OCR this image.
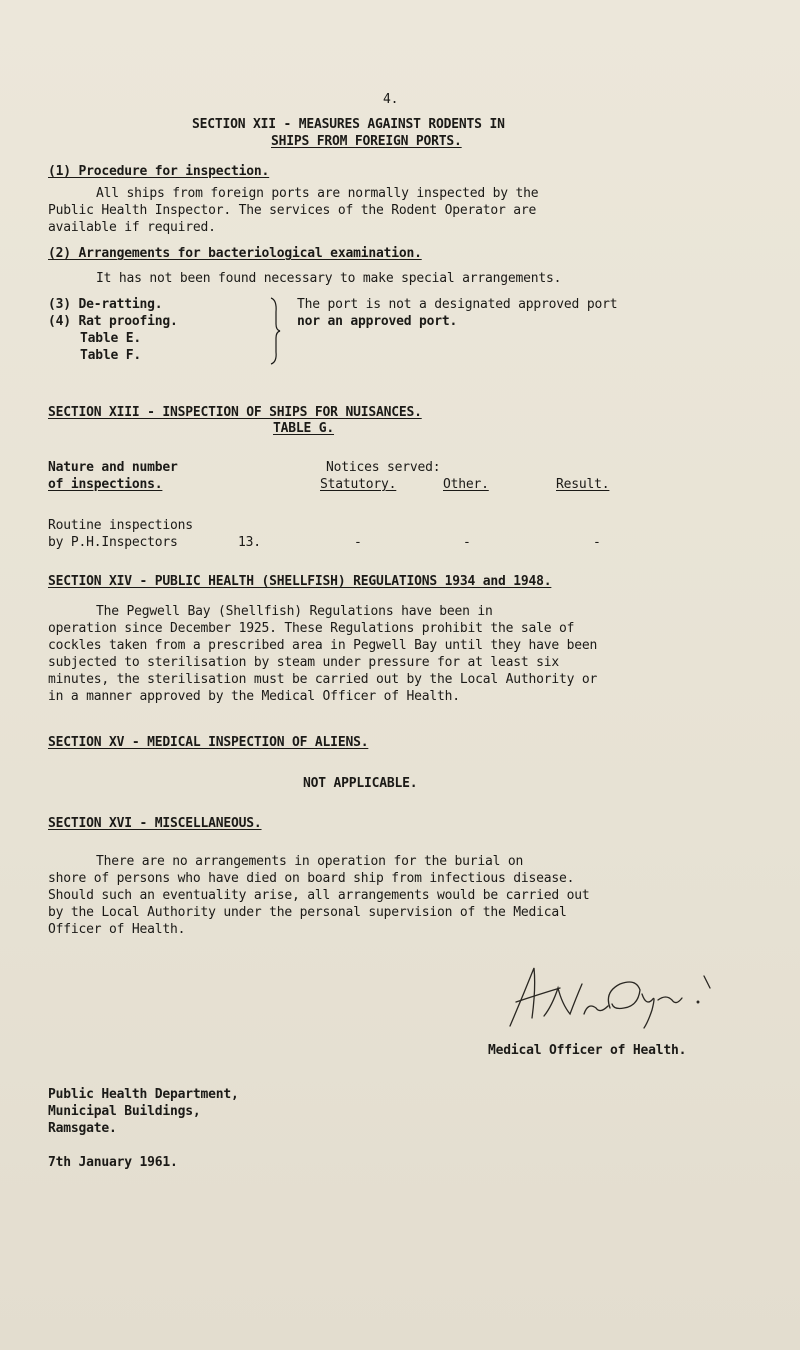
4.
SECTION XII - MEASURES AGAINST RODENTS IN
SHIPS FROM FOREIGN PORTS.
(1) Procedure for inspection.
All ships from foreign ports are normally inspected by the
Public Health Inspector. The services of the Rodent Operator are
available if required.
(2) Arrangements for bacteriological examination.
It has not been found necessary to make special arrangements.
(3) De-ratting.
(4) Rat proofing.
Table E.
Table F.
The port is not a designated approved port
nor an approved port.
SECTION XIII - INSPECTION OF SHIPS FOR NUISANCES.
TABLE G.
Nature and number
of inspections.
Notices served:
Statutory.	Other.	Result.
Routine inspections
by P.H.Inspectors	13.	-	-	-
SECTION XIV - PUBLIC HEALTH (SHELLFISH) REGULATIONS 1934 and 1948.
The Pegwell Bay (Shellfish) Regulations have been in
operation since December 1925. These Regulations prohibit the sale of
cockles taken from a prescribed area in Pegwell Bay until they have been
subjected to sterilisation by steam under pressure for at least six
minutes, the sterilisation must be carried out by the Local Authority or
in a manner approved by the Medical Officer of Health.
SECTION XV - MEDICAL INSPECTION OF ALIENS.
NOT APPLICABLE.
SECTION XVI - MISCELLANEOUS.
There are no arrangements in operation for the burial on
shore of persons who have died on board ship from infectious disease.
Should such an eventuality arise, all arrangements would be carried out
by the Local Authority under the personal supervision of the Medical
Officer of Health.
Medical Officer of Health.
Public Health Department,
Municipal Buildings,
Ramsgate.
7th January 1961.
